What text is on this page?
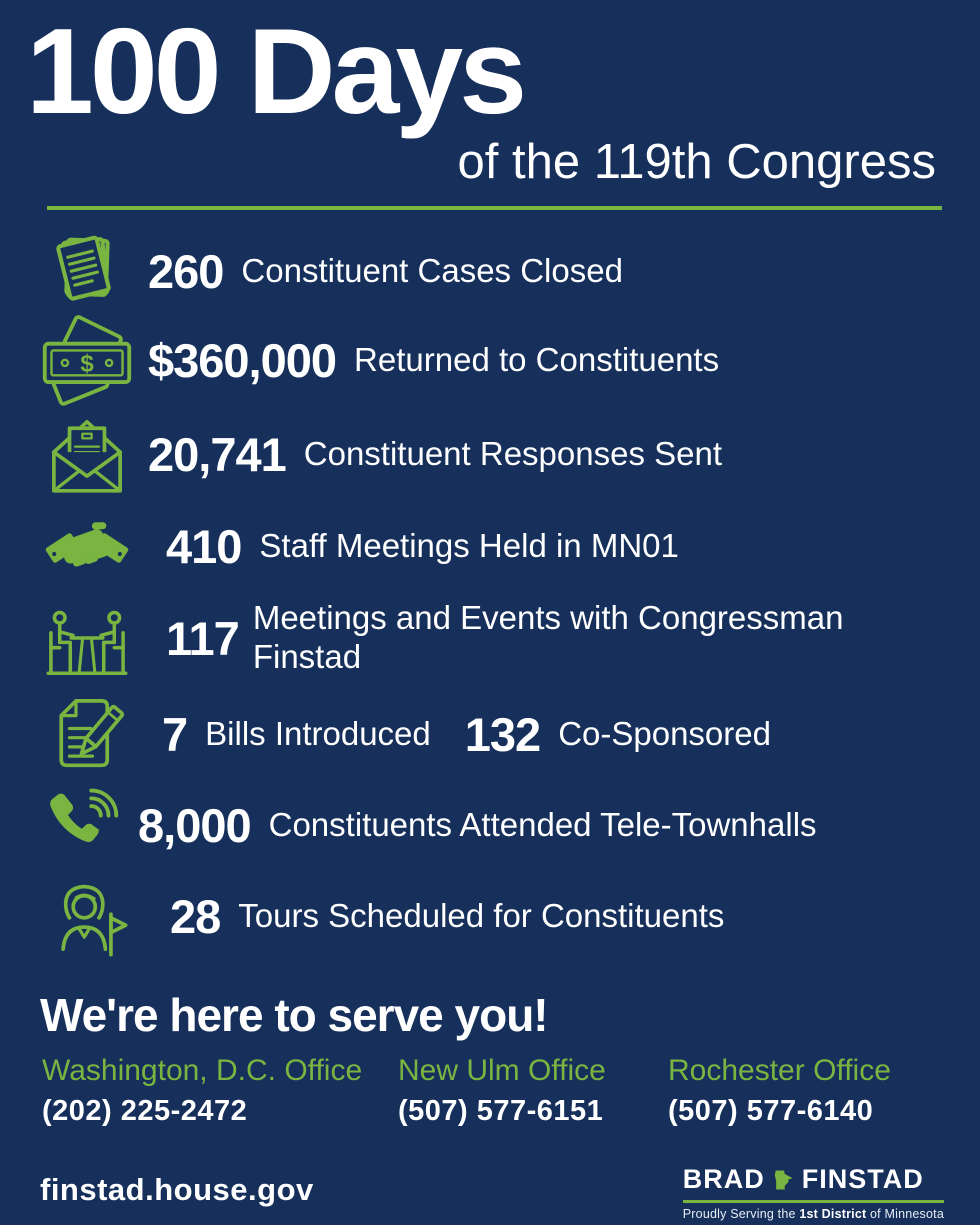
100 Days
of the 119th Congress
260 Constituent Cases Closed
$ $360,000 Returned to Constituents
20,741 Constituent Responses Sent
410 Staff Meetings Held in MN01
117 Meetings and Events with Congressman Finstad
7 Bills Introduced 132 Co-Sponsored
8,000 Constituents Attended Tele-Townhalls
28 Tours Scheduled for Constituents
We're here to serve you!
Washington, D.C. Office
(202) 225-2472
New Ulm Office
(507) 577-6151
Rochester Office
(507) 577-6140
finstad.house.gov	BRAD FINSTAD
Proudly Serving the 1st District of Minnesota
